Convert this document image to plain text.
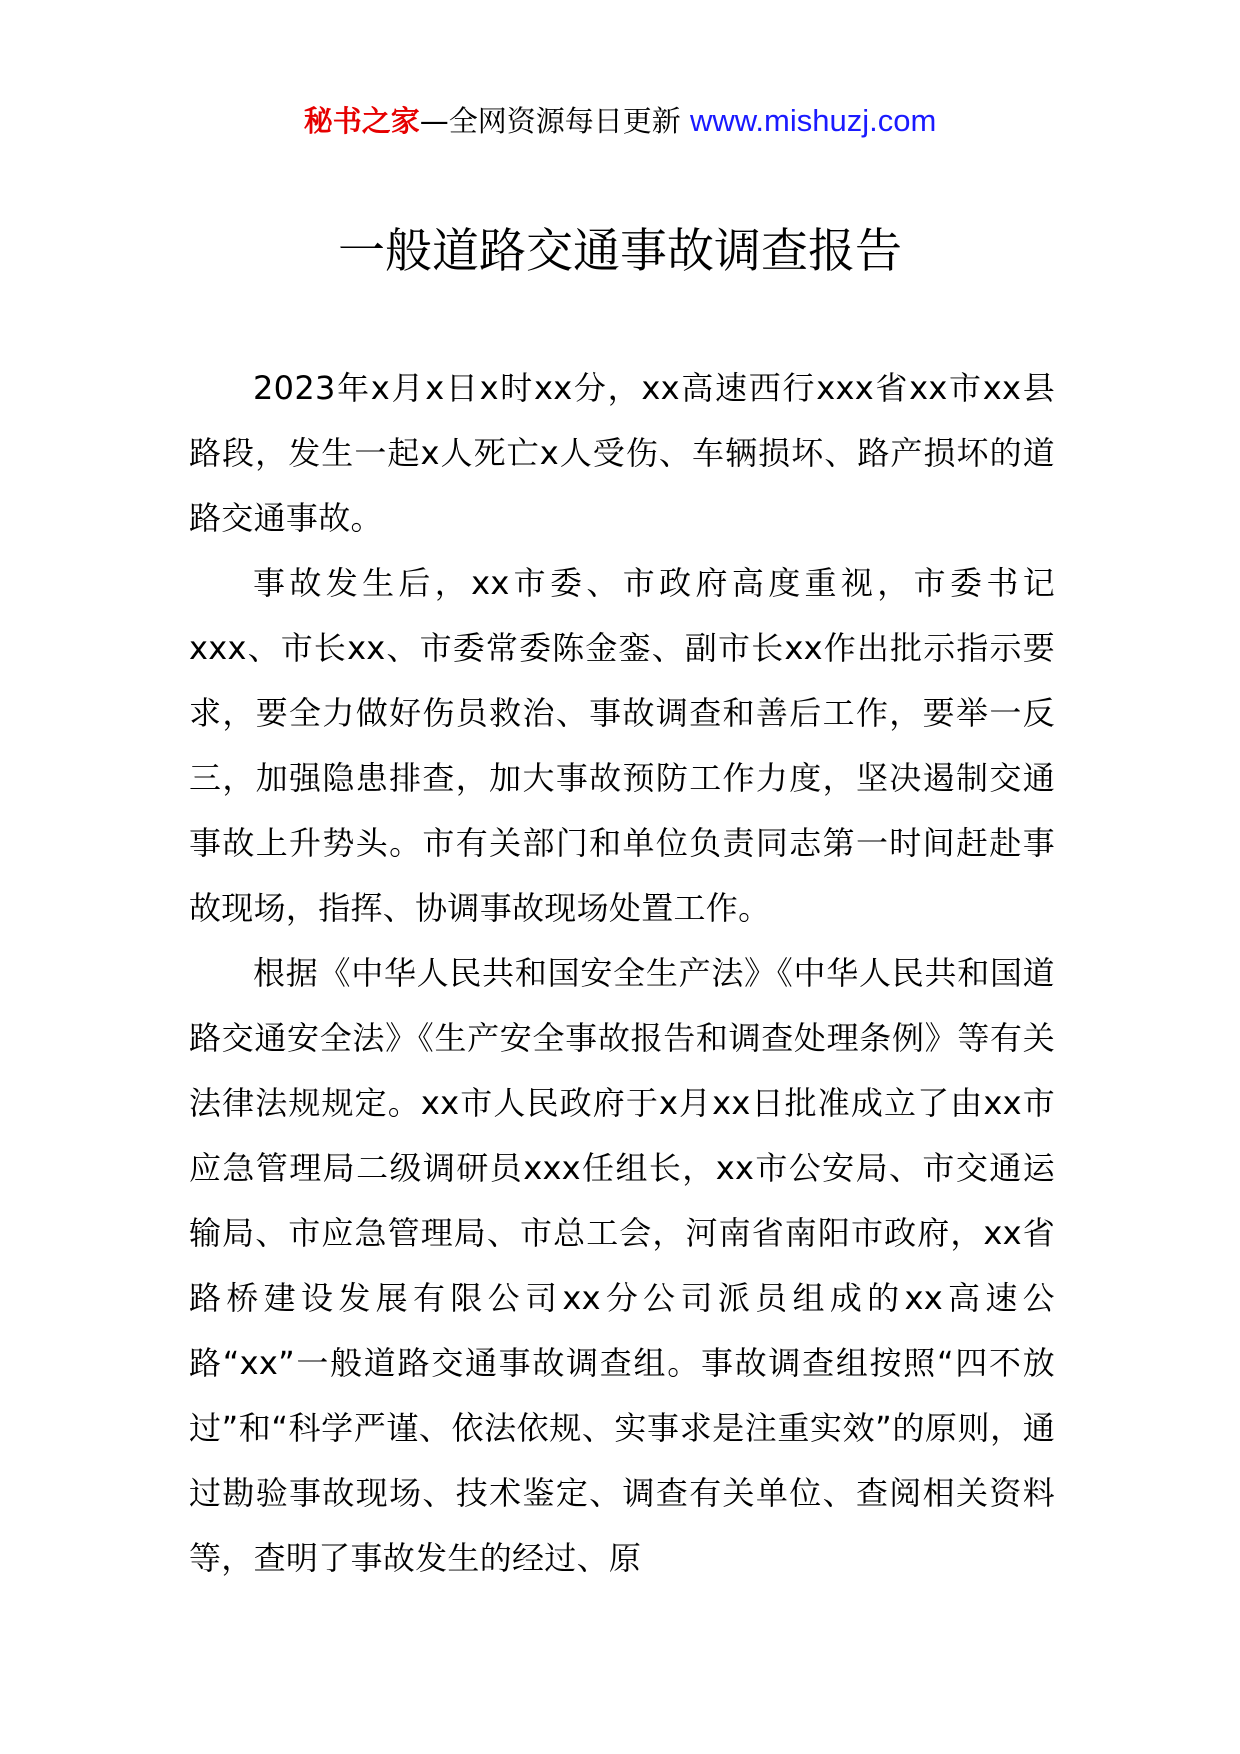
秘书之家—全网资源每日更新 www.mishuzj.com
一般道路交通事故调查报告

2023年x月x日x时xx分，xx高速西行xxx省xx市xx县路段，发生一起x人死亡x人受伤、车辆损坏、路产损坏的道路交通事故。

事故发生后，xx市委、市政府高度重视，市委书记xxx、市长xx、市委常委陈金銮、副市长xx作出批示指示要求，要全力做好伤员救治、事故调查和善后工作，要举一反三，加强隐患排查，加大事故预防工作力度，坚决遏制交通事故上升势头。市有关部门和单位负责同志第一时间赶赴事故现场，指挥、协调事故现场处置工作。

根据《中华人民共和国安全生产法》《中华人民共和国道路交通安全法》《生产安全事故报告和调查处理条例》等有关法律法规规定。xx市人民政府于x月xx日批准成立了由xx市应急管理局二级调研员xxx任组长，xx市公安局、市交通运输局、市应急管理局、市总工会，河南省南阳市政府，xx省路桥建设发展有限公司xx分公司派员组成的xx高速公路“xx”一般道路交通事故调查组。事故调查组按照“四不放过”和“科学严谨、依法依规、实事求是注重实效”的原则，通过勘验事故现场、技术鉴定、调查有关单位、查阅相关资料等，查明了事故发生的经过、原
